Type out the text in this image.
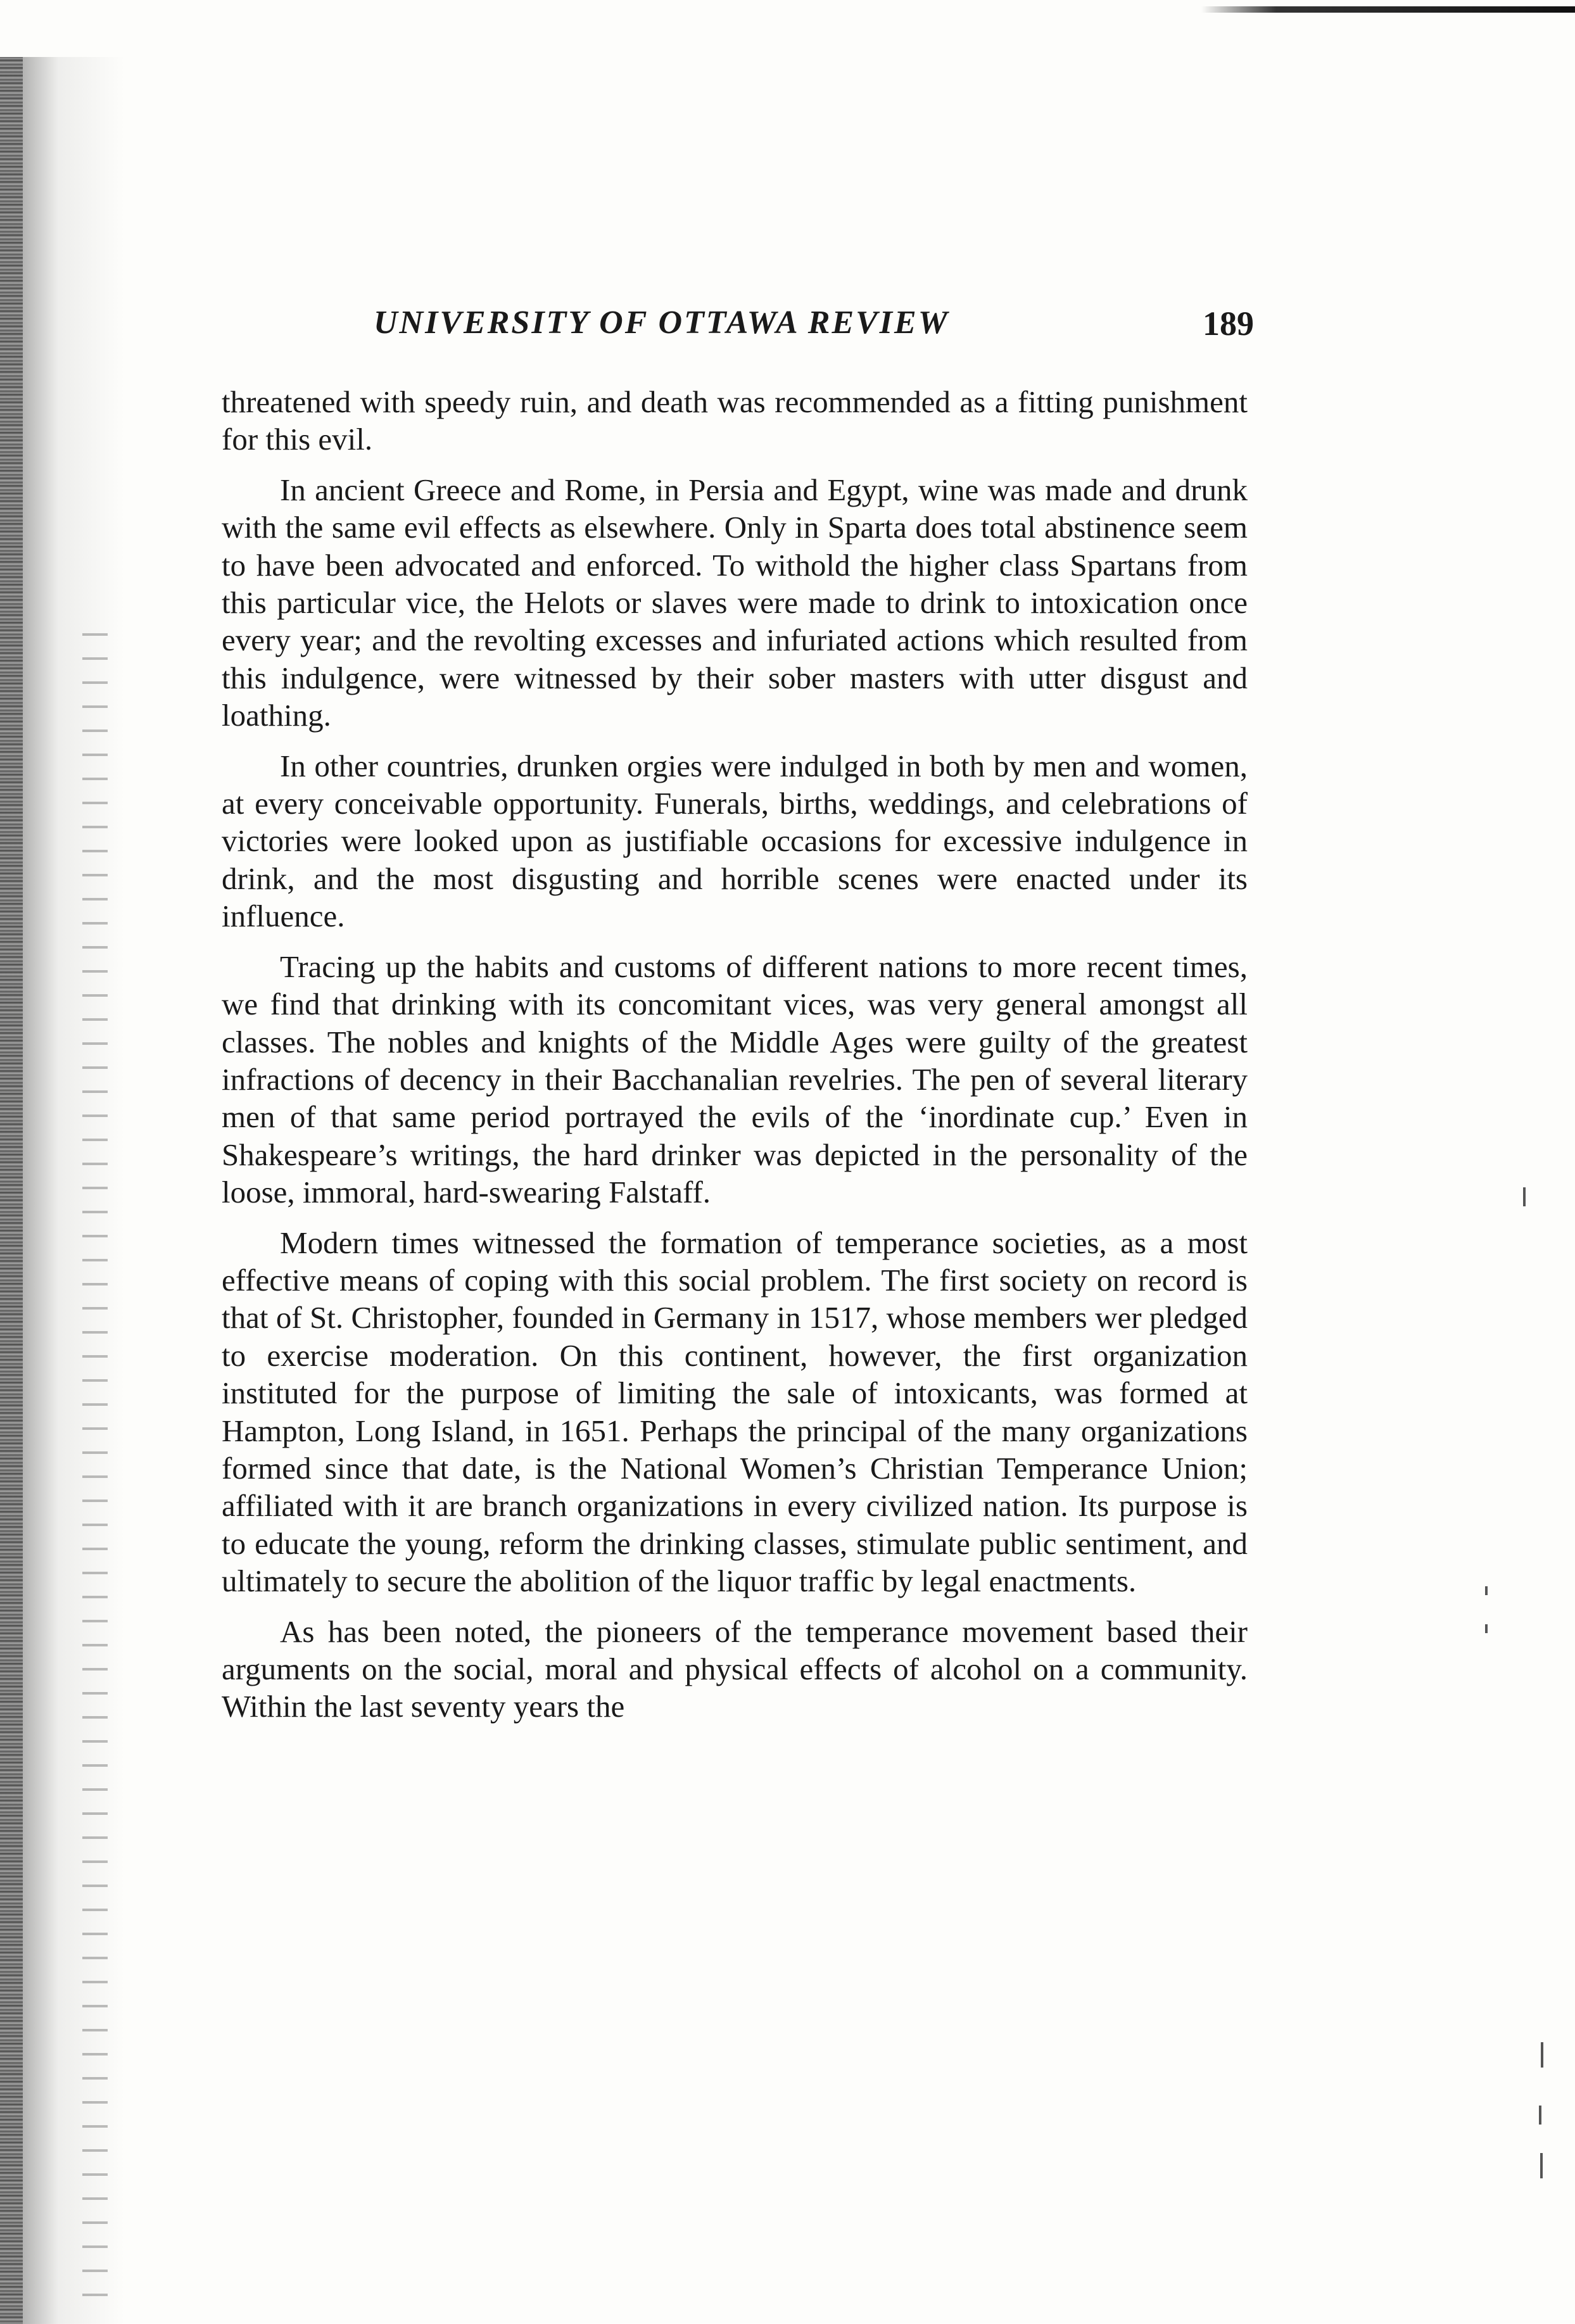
UNIVERSITY OF OTTAWA REVIEW	189

threatened with speedy ruin, and death was recommended as a fitting punishment for this evil.

In ancient Greece and Rome, in Persia and Egypt, wine was made and drunk with the same evil effects as elsewhere. Only in Sparta does total abstinence seem to have been advocated and enforced. To withold the higher class Spartans from this particular vice, the Helots or slaves were made to drink to intoxication once every year; and the revolting excesses and infuriated actions which resulted from this indulgence, were witnessed by their sober masters with utter disgust and loathing.

In other countries, drunken orgies were indulged in both by men and women, at every conceivable opportunity. Funerals, births, weddings, and celebrations of victories were looked upon as justifiable occasions for excessive indulgence in drink, and the most disgusting and horrible scenes were enacted under its influence.

Tracing up the habits and customs of different nations to more recent times, we find that drinking with its concomitant vices, was very general amongst all classes. The nobles and knights of the Middle Ages were guilty of the greatest infractions of decency in their Bacchanalian revelries. The pen of several literary men of that same period portrayed the evils of the ‘inordinate cup.’ Even in Shakespeare’s writings, the hard drinker was depicted in the personality of the loose, immoral, hard-swearing Falstaff.

Modern times witnessed the formation of temperance societies, as a most effective means of coping with this social problem. The first society on record is that of St. Christopher, founded in Germany in 1517, whose members wer pledged to exercise moderation. On this continent, however, the first organization instituted for the purpose of limiting the sale of intoxicants, was formed at Hampton, Long Island, in 1651. Perhaps the principal of the many organizations formed since that date, is the National Women’s Christian Temperance Union; affiliated with it are branch organizations in every civilized nation. Its purpose is to educate the young, reform the drinking classes, stimulate public sentiment, and ultimately to secure the abolition of the liquor traffic by legal enactments.

As has been noted, the pioneers of the temperance movement based their arguments on the social, moral and physical effects of alcohol on a community. Within the last seventy years the
